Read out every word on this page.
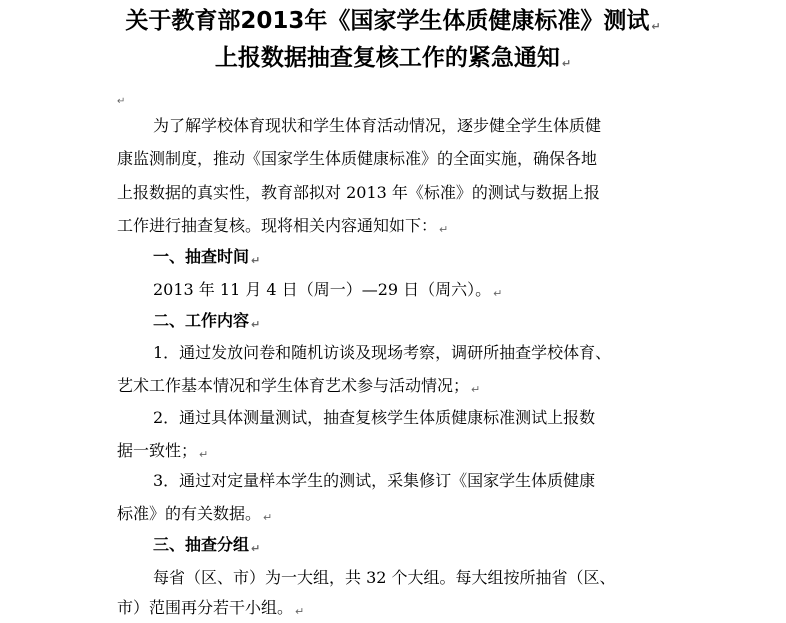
关于教育部2013年《国家学生体质健康标准》测试 ↵
上报数据抽查复核工作的紧急通知 ↵
↵
为了解学校体育现状和学生体育活动情况，逐步健全学生体质健
康监测制度，推动《国家学生体质健康标准》的全面实施，确保各地
上报数据的真实性，教育部拟对 2013 年《标准》的测试与数据上报
工作进行抽查复核。现将相关内容通知如下： ↵
一、抽查时间 ↵
2013 年 11 月 4 日（周一）—29 日（周六）。 ↵
二、工作内容 ↵
1．通过发放问卷和随机访谈及现场考察，调研所抽查学校体育、
艺术工作基本情况和学生体育艺术参与活动情况； ↵
2．通过具体测量测试，抽查复核学生体质健康标准测试上报数
据一致性； ↵
3．通过对定量样本学生的测试，采集修订《国家学生体质健康
标准》的有关数据。 ↵
三、抽查分组 ↵
每省（区、市）为一大组，共 32 个大组。每大组按所抽省（区、
市）范围再分若干小组。 ↵
